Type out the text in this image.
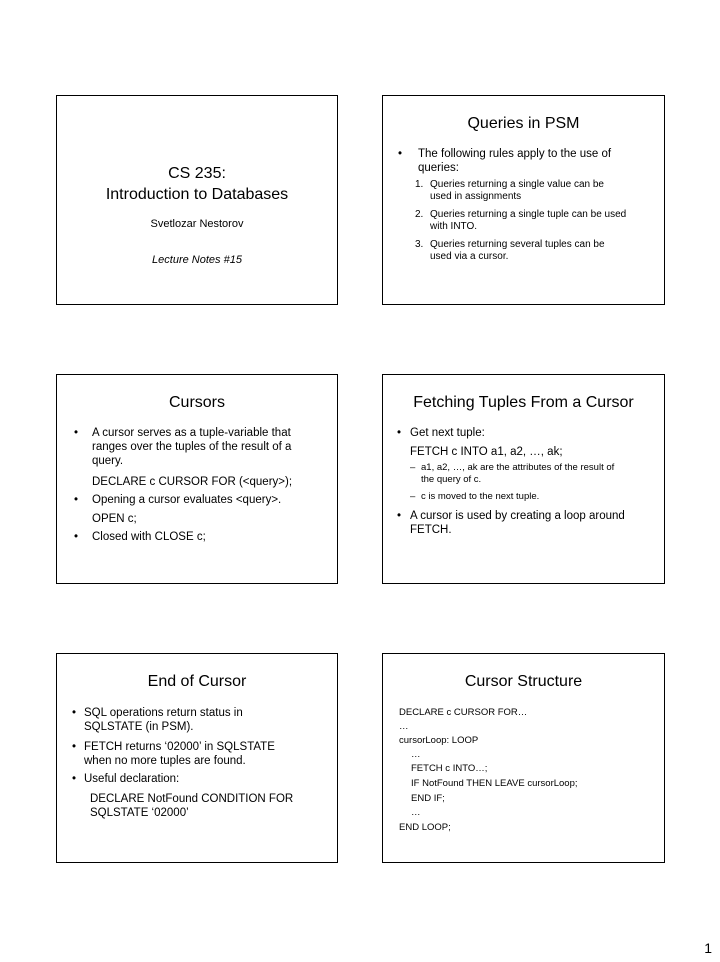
CS 235:
Introduction to Databases
Svetlozar Nestorov
Lecture Notes #15
Queries in PSM
• The following rules apply to the use of
queries:
1. Queries returning a single value can be
used in assignments
2. Queries returning a single tuple can be used
with INTO.
3. Queries returning several tuples can be
used via a cursor.
Cursors
• A cursor serves as a tuple-variable that
ranges over the tuples of the result of a
query.
DECLARE c CURSOR FOR (<query>);
• Opening a cursor evaluates <query>.
OPEN c;
• Closed with CLOSE c;
Fetching Tuples From a Cursor
• Get next tuple:
FETCH c INTO a1, a2, …, ak;
– a1, a2, …, ak are the attributes of the result of
the query of c.
– c is moved to the next tuple.
• A cursor is used by creating a loop around
FETCH.
End of Cursor
• SQL operations return status in
SQLSTATE (in PSM).
• FETCH returns ‘02000’ in SQLSTATE
when no more tuples are found.
• Useful declaration:
DECLARE NotFound CONDITION FOR
SQLSTATE ‘02000’
Cursor Structure
DECLARE c CURSOR FOR…
…
cursorLoop: LOOP
…
FETCH c INTO…;
IF NotFound THEN LEAVE cursorLoop;
END IF;
…
END LOOP;
1
